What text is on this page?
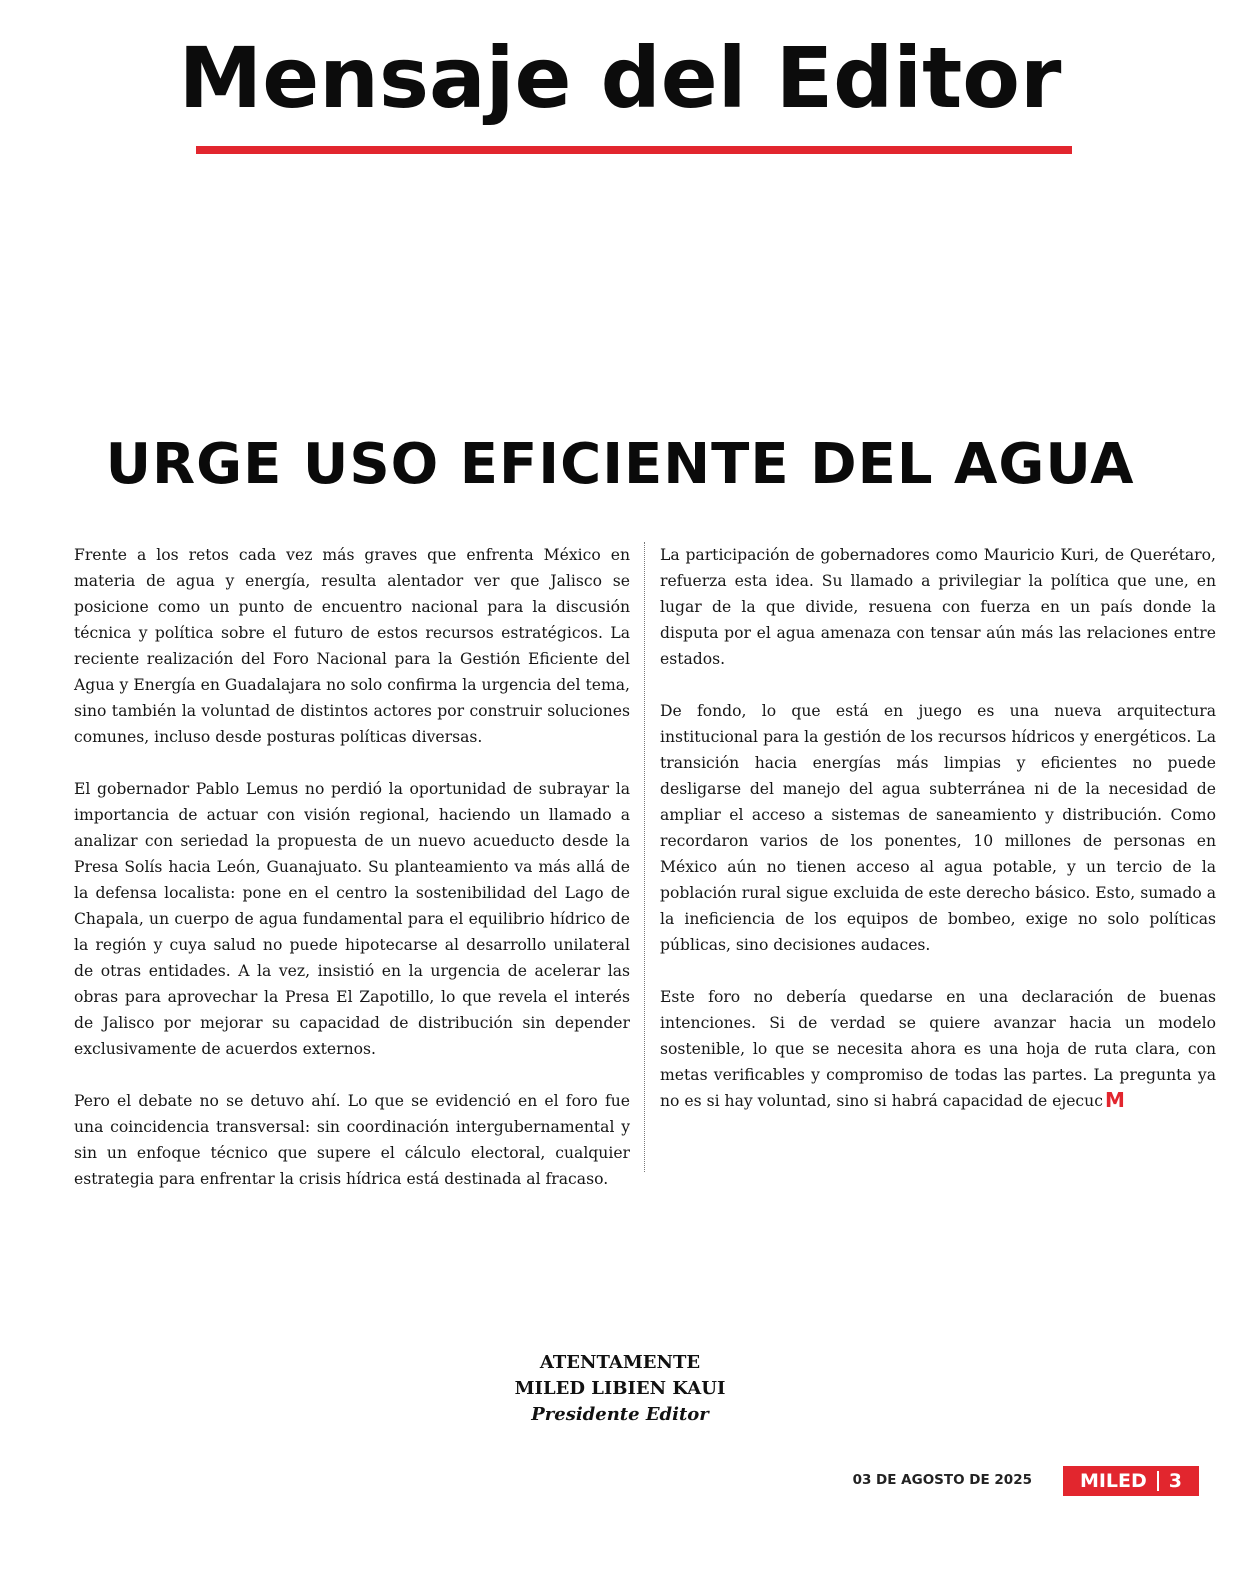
Mensaje del Editor
URGE USO EFICIENTE DEL AGUA

Frente a los retos cada vez más graves que enfrenta México en materia de agua y energía, resulta alentador ver que Jalisco se posicione como un punto de encuentro nacional para la discusión técnica y política sobre el futuro de estos recursos estratégicos. La reciente realización del Foro Nacional para la Gestión Eficiente del Agua y Energía en Guadalajara no solo confirma la urgencia del tema, sino también la voluntad de distintos actores por construir soluciones comunes, incluso desde posturas políticas diversas.

El gobernador Pablo Lemus no perdió la oportunidad de subrayar la importancia de actuar con visión regional, haciendo un llamado a analizar con seriedad la propuesta de un nuevo acueducto desde la Presa Solís hacia León, Guanajuato. Su planteamiento va más allá de la defensa localista: pone en el centro la sostenibilidad del Lago de Chapala, un cuerpo de agua fundamental para el equilibrio hídrico de la región y cuya salud no puede hipotecarse al desarrollo unilateral de otras entidades. A la vez, insistió en la urgencia de acelerar las obras para aprovechar la Presa El Zapotillo, lo que revela el interés de Jalisco por mejorar su capacidad de distribución sin depender exclusivamente de acuerdos externos.

Pero el debate no se detuvo ahí. Lo que se evidenció en el foro fue una coincidencia transversal: sin coordinación intergubernamental y sin un enfoque técnico que supere el cálculo electoral, cualquier estrategia para enfrentar la crisis hídrica está destinada al fracaso.

La participación de gobernadores como Mauricio Kuri, de Querétaro, refuerza esta idea. Su llamado a privilegiar la política que une, en lugar de la que divide, resuena con fuerza en un país donde la disputa por el agua amenaza con tensar aún más las relaciones entre estados.

De fondo, lo que está en juego es una nueva arquitectura institucional para la gestión de los recursos hídricos y energéticos. La transición hacia energías más limpias y eficientes no puede desligarse del manejo del agua subterránea ni de la necesidad de ampliar el acceso a sistemas de saneamiento y distribución. Como recordaron varios de los ponentes, 10 millones de personas en México aún no tienen acceso al agua potable, y un tercio de la población rural sigue excluida de este derecho básico. Esto, sumado a la ineficiencia de los equipos de bombeo, exige no solo políticas públicas, sino decisiones audaces.

Este foro no debería quedarse en una declaración de buenas intenciones. Si de verdad se quiere avanzar hacia un modelo sostenible, lo que se necesita ahora es una hoja de ruta clara, con metas verificables y compromiso de todas las partes. La pregunta ya no es si hay voluntad, sino si habrá capacidad de ejecuc M

ATENTAMENTE
MILED LIBIEN KAUI
Presidente Editor
03 DE AGOSTO DE 2025	MILED 3
